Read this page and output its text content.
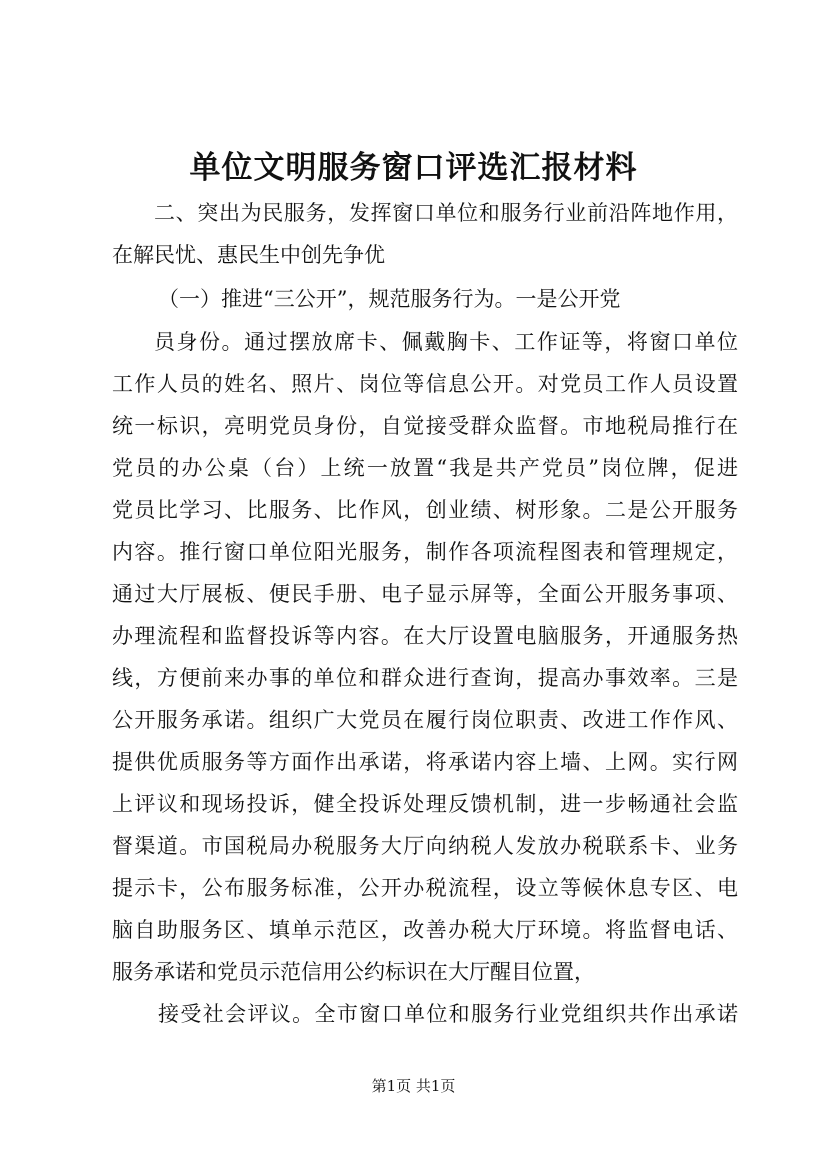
单位文明服务窗口评选汇报材料
二、突出为民服务，发挥窗口单位和服务行业前沿阵地作用，
在解民忧、惠民生中创先争优
（一）推进“三公开”，规范服务行为。一是公开党
员身份。通过摆放席卡、佩戴胸卡、工作证等，将窗口单位
工作人员的姓名、照片、岗位等信息公开。对党员工作人员设置
统一标识，亮明党员身份，自觉接受群众监督。市地税局推行在
党员的办公桌（台）上统一放置“我是共产党员”岗位牌，促进
党员比学习、比服务、比作风，创业绩、树形象。二是公开服务
内容。推行窗口单位阳光服务，制作各项流程图表和管理规定，
通过大厅展板、便民手册、电子显示屏等，全面公开服务事项、
办理流程和监督投诉等内容。在大厅设置电脑服务，开通服务热
线，方便前来办事的单位和群众进行查询，提高办事效率。三是
公开服务承诺。组织广大党员在履行岗位职责、改进工作作风、
提供优质服务等方面作出承诺，将承诺内容上墙、上网。实行网
上评议和现场投诉，健全投诉处理反馈机制，进一步畅通社会监
督渠道。市国税局办税服务大厅向纳税人发放办税联系卡、业务
提示卡，公布服务标准，公开办税流程，设立等候休息专区、电
脑自助服务区、填单示范区，改善办税大厅环境。将监督电话、
服务承诺和党员示范信用公约标识在大厅醒目位置，
接受社会评议。全市窗口单位和服务行业党组织共作出承诺
第1页 共1页
